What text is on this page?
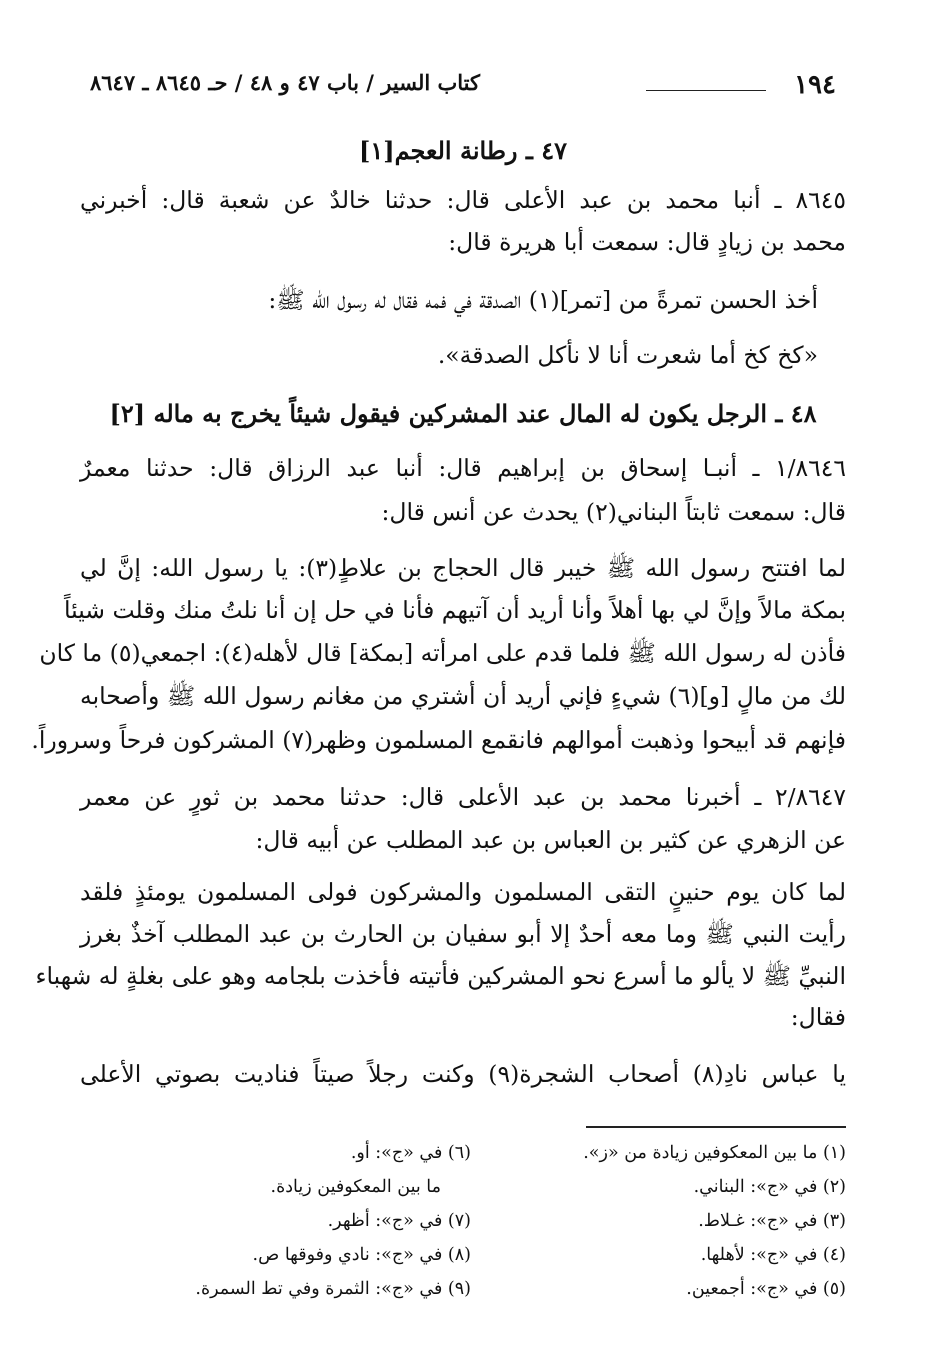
١٩٤
كتاب السير / باب ٤٧ و ٤٨ / حـ ٨٦٤٥ ـ ٨٦٤٧
٤٧ ـ رطانة العجم[١]
٨٦٤٥ ـ أنبا محمد بن عبد الأعلى قال: حدثنا خالدٌ عن شعبة قال: أخبرني
محمد بن زيادٍ قال: سمعت أبا هريرة قال:
أخذ الحسن تمرةً من [تمر](١) الصدقة في فمه فقال له رسول الله ﷺ:
«كخ كخ أما شعرت أنا لا نأكل الصدقة».
٤٨ ـ الرجل يكون له المال عند المشركين فيقول شيئاً يخرج به ماله [٢]
١/٨٦٤٦ ـ أنبـا إسحاق بن إبراهيم قال: أنبا عبد الرزاق قال: حدثنا معمرٌ
قال: سمعت ثابتاً البناني(٢) يحدث عن أنس قال:
لما افتتح رسول الله ﷺ خيبر قال الحجاج بن علاطٍ(٣): يا رسول الله: إنَّ لي
بمكة مالاً وإنَّ لي بها أهلاً وأنا أريد أن آتيهم فأنا في حل إن أنا نلتُ منك وقلت شيئاً
فأذن له رسول الله ﷺ فلما قدم على امرأته [بمكة] قال لأهله(٤): اجمعي(٥) ما كان
لك من مالٍ [و](٦) شيءٍ فإني أريد أن أشتري من مغانم رسول الله ﷺ وأصحابه
فإنهم قد أبيحوا وذهبت أموالهم فانقمع المسلمون وظهر(٧) المشركون فرحاً وسروراً.
٢/٨٦٤٧ ـ أخبرنا محمد بن عبد الأعلى قال: حدثنا محمد بن ثورٍ عن معمر
عن الزهري عن كثير بن العباس بن عبد المطلب عن أبيه قال:
لما كان يوم حنينٍ التقى المسلمون والمشركون فولى المسلمون يومئذٍ فلقد
رأيت النبي ﷺ وما معه أحدٌ إلا أبو سفيان بن الحارث بن عبد المطلب آخذٌ بغرز
النبيِّ ﷺ لا يألو ما أسرع نحو المشركين فأتيته فأخذت بلجامه وهو على بغلةٍ له شهباء
فقال:
يا عباس نادِ(٨) أصحاب الشجرة(٩) وكنت رجلاً صيتاً فناديت بصوتي الأعلى
(١) ما بين المعكوفين زيادة من «ز».
(٢) في «ج»: البناني.
(٣) في «ج»: غـلاط.
(٤) في «ج»: لأهلها.
(٥) في «ج»: أجمعين.
(٦) في «ج»: أو.
ما بين المعكوفين زيادة.
(٧) في «ج»: أظهر.
(٨) في «ج»: نادي وفوقها ص.
(٩) في «ج»: الثمرة وفي تط السمرة.
